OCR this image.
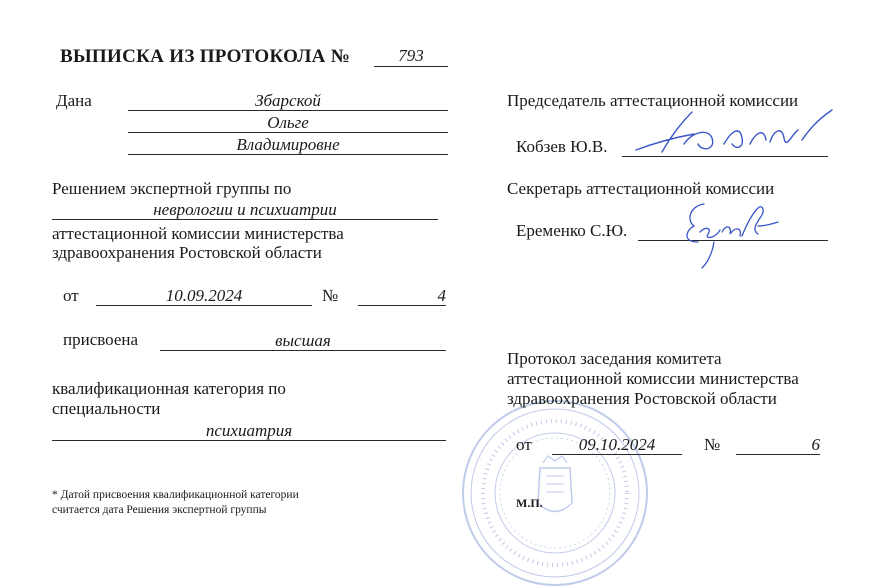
ВЫПИСКА ИЗ ПРОТОКОЛА №	793
Дана	Збарской
Ольге
Владимировне
Решением экспертной группы по
неврологии и психиатрии
аттестационной комиссии министерства
здравоохранения Ростовской области
от	10.09.2024	№	4
присвоена	высшая
квалификационная категория по
специальности
психиатрия
* Датой присвоения квалификационной категории
считается дата Решения экспертной группы
Председатель аттестационной комиссии
Кобзев Ю.В.
Секретарь аттестационной комиссии
Еременко С.Ю.
Протокол заседания комитета
аттестационной комиссии министерства
здравоохранения Ростовской области
от	09.10.2024	№	6
М.П.
